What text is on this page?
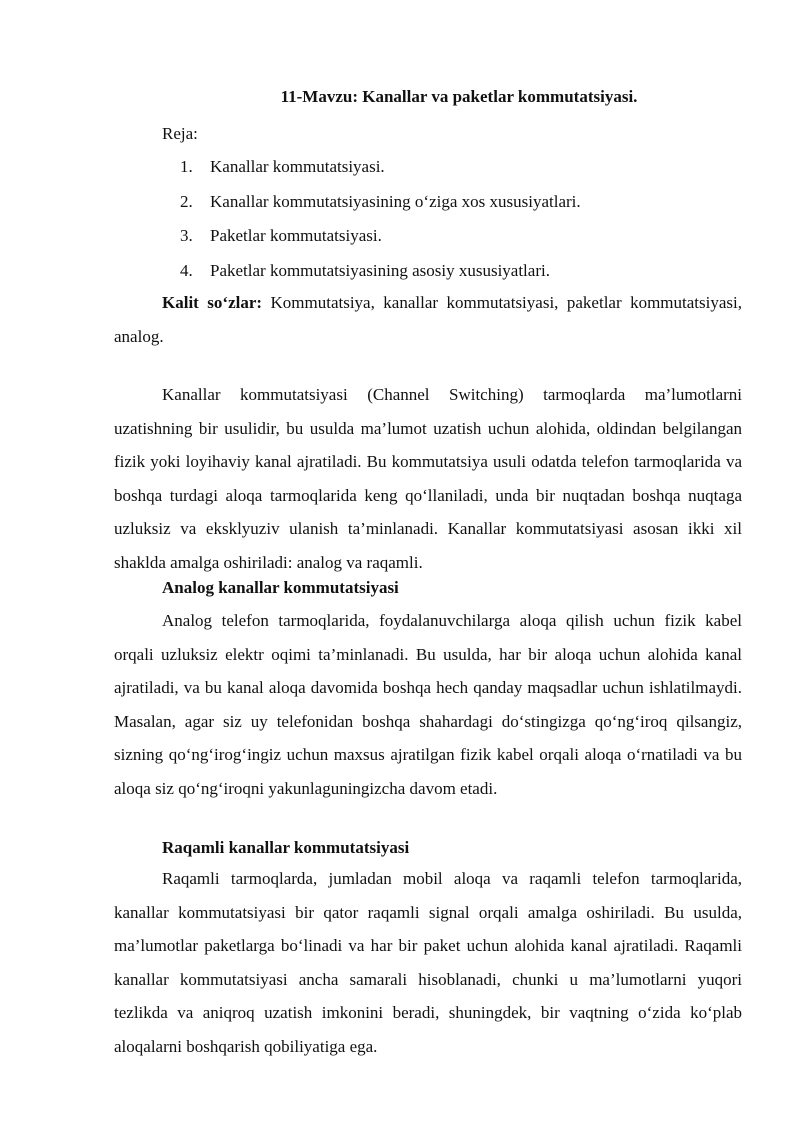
11-Mavzu: Kanallar va paketlar kommutatsiyasi.
Reja:
1.	Kanallar kommutatsiyasi.
2.	Kanallar kommutatsiyasining o‘ziga xos xususiyatlari.
3.	Paketlar kommutatsiyasi.
4.	Paketlar kommutatsiyasining asosiy xususiyatlari.
Kalit so‘zlar: Kommutatsiya, kanallar kommutatsiyasi, paketlar kommutatsiyasi, analog.

Kanallar kommutatsiyasi (Channel Switching) tarmoqlarda ma’lumotlarni uzatishning bir usulidir, bu usulda ma’lumot uzatish uchun alohida, oldindan belgilangan fizik yoki loyihaviy kanal ajratiladi. Bu kommutatsiya usuli odatda telefon tarmoqlarida va boshqa turdagi aloqa tarmoqlarida keng qo‘llaniladi, unda bir nuqtadan boshqa nuqtaga uzluksiz va eksklyuziv ulanish ta’minlanadi. Kanallar kommutatsiyasi asosan ikki xil shaklda amalga oshiriladi: analog va raqamli.

Analog kanallar kommutatsiyasi

Analog telefon tarmoqlarida, foydalanuvchilarga aloqa qilish uchun fizik kabel orqali uzluksiz elektr oqimi ta’minlanadi. Bu usulda, har bir aloqa uchun alohida kanal ajratiladi, va bu kanal aloqa davomida boshqa hech qanday maqsadlar uchun ishlatilmaydi. Masalan, agar siz uy telefonidan boshqa shahardagi do‘stingizga qo‘ng‘iroq qilsangiz, sizning qo‘ng‘irog‘ingiz uchun maxsus ajratilgan fizik kabel orqali aloqa o‘rnatiladi va bu aloqa siz qo‘ng‘iroqni yakunlaguningizcha davom etadi.

Raqamli kanallar kommutatsiyasi

Raqamli tarmoqlarda, jumladan mobil aloqa va raqamli telefon tarmoqlarida, kanallar kommutatsiyasi bir qator raqamli signal orqali amalga oshiriladi. Bu usulda, ma’lumotlar paketlarga bo‘linadi va har bir paket uchun alohida kanal ajratiladi. Raqamli kanallar kommutatsiyasi ancha samarali hisoblanadi, chunki u ma’lumotlarni yuqori tezlikda va aniqroq uzatish imkonini beradi, shuningdek, bir vaqtning o‘zida ko‘plab aloqalarni boshqarish qobiliyatiga ega.
